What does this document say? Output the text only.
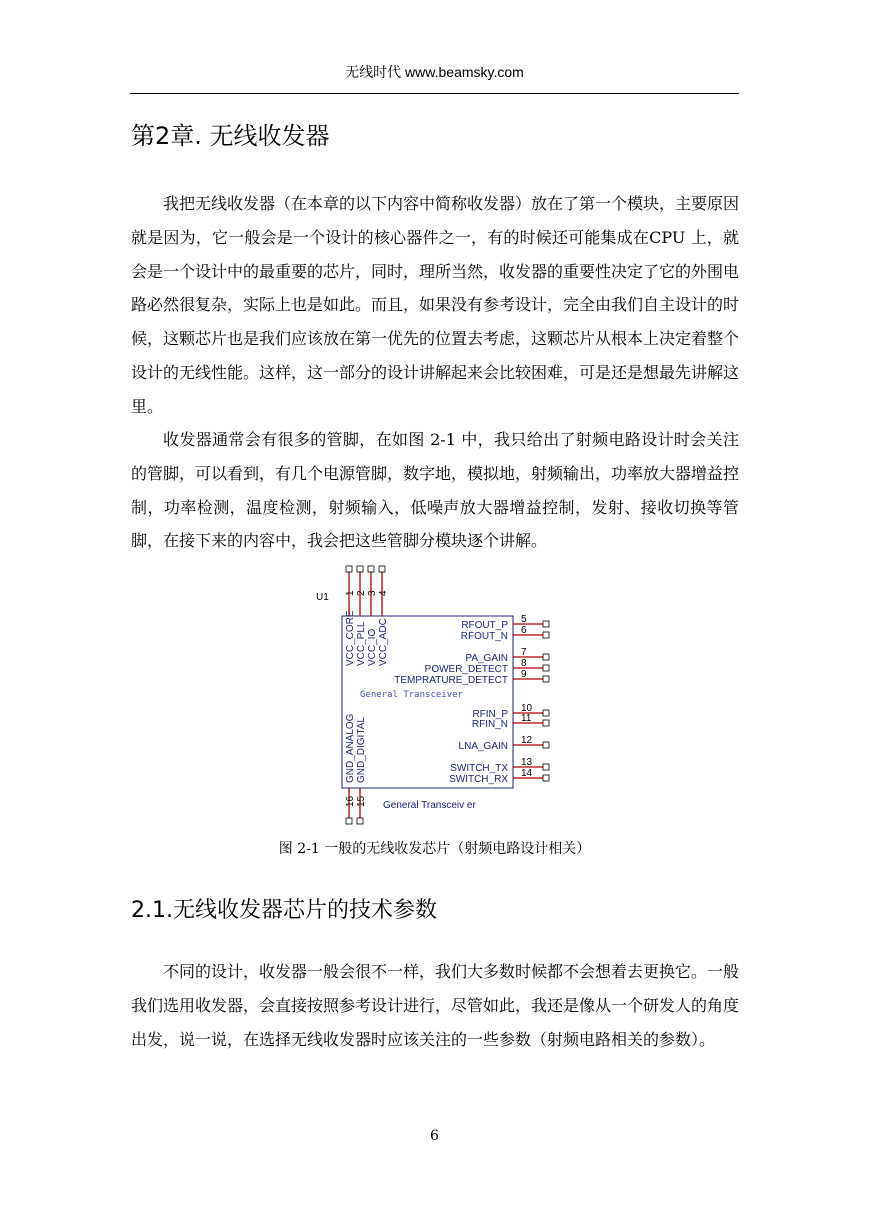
无线时代 www.beamsky.com
第2章. 无线收发器

我把无线收发器（在本章的以下内容中简称收发器）放在了第一个模块，主要原因就是因为，它一般会是一个设计的核心器件之一，有的时候还可能集成在CPU 上，就会是一个设计中的最重要的芯片，同时，理所当然，收发器的重要性决定了它的外围电路必然很复杂，实际上也是如此。而且，如果没有参考设计，完全由我们自主设计的时候，这颗芯片也是我们应该放在第一优先的位置去考虑，这颗芯片从根本上决定着整个设计的无线性能。这样，这一部分的设计讲解起来会比较困难，可是还是想最先讲解这里。

收发器通常会有很多的管脚，在如图 2-1 中，我只给出了射频电路设计时会关注的管脚，可以看到，有几个电源管脚，数字地，模拟地，射频输出，功率放大器增益控制，功率检测，温度检测，射频输入，低噪声放大器增益控制，发射、接收切换等管脚，在接下来的内容中，我会把这些管脚分模块逐个讲解。

U1
General Transceiver
General Transceiv er
1
VCC_CORE
2
VCC_PLL
3
VCC_IO
4
VCC_ADC
16
GND_ANALOG
15
GND_DIGITAL
5
RFOUT_P 6
RFOUT_N
7
PA_GAIN 8
POWER_DETECT 9
TEMPRATURE_DETECT
10
RFIN_P 11
RFIN_N
12
LNA_GAIN
13
SWITCH_TX 14
SWITCH_RX
图 2-1 一般的无线收发芯片（射频电路设计相关）
2.1.无线收发器芯片的技术参数

不同的设计，收发器一般会很不一样，我们大多数时候都不会想着去更换它。一般我们选用收发器，会直接按照参考设计进行，尽管如此，我还是像从一个研发人的角度出发，说一说，在选择无线收发器时应该关注的一些参数（射频电路相关的参数）。

6
